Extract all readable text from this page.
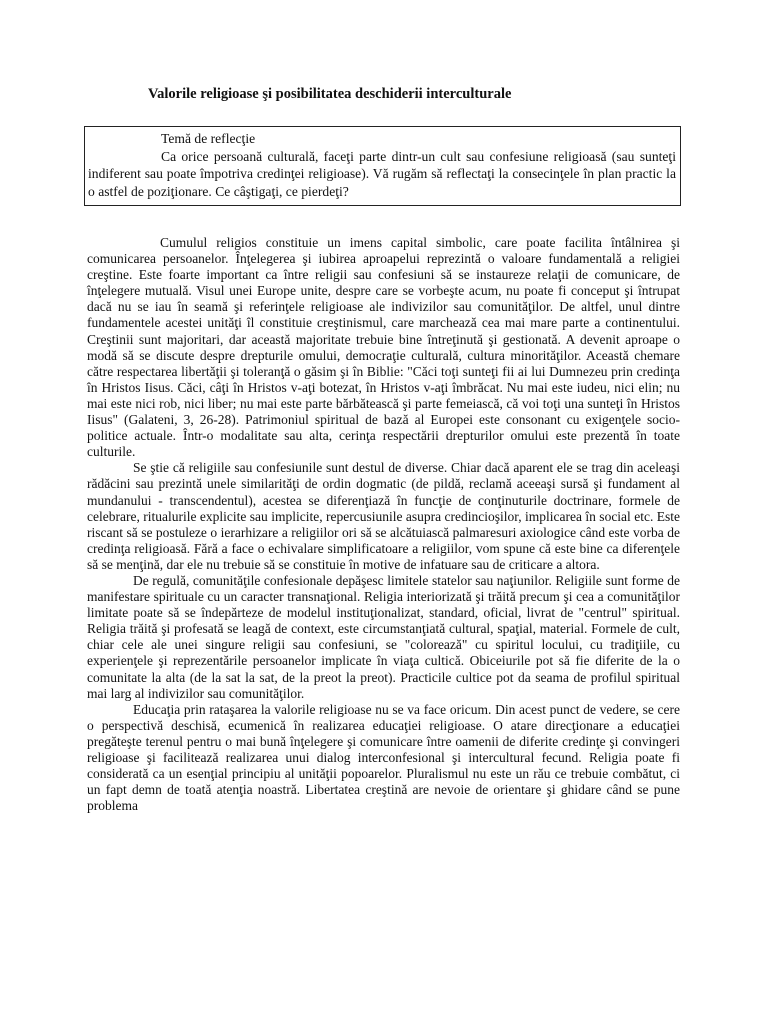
Valorile religioase şi posibilitatea deschiderii interculturale

Temă de reflecţie

Ca orice persoană culturală, faceţi parte dintr-un cult sau confesiune religioasă (sau sunteţi indiferent sau poate împotriva credinţei religioase). Vă rugăm să reflectaţi la consecinţele în plan practic la o astfel de poziţionare. Ce câştigaţi, ce pierdeţi?

Cumulul religios constituie un imens capital simbolic, care poate facilita întâlnirea şi comunicarea persoanelor. Înţelegerea şi iubirea aproapelui reprezintă o valoare fundamentală a religiei creştine. Este foarte important ca între religii sau confesiuni să se instaureze relaţii de comunicare, de înţelegere mutuală. Visul unei Europe unite, despre care se vorbeşte acum, nu poate fi conceput şi întrupat dacă nu se iau în seamă şi referinţele religioase ale indivizilor sau comunităţilor. De altfel, unul dintre fundamentele acestei unităţi îl constituie creştinismul, care marchează cea mai mare parte a continentului. Creştinii sunt majoritari, dar această majoritate trebuie bine întreţinută şi gestionată. A devenit aproape o modă să se discute despre drepturile omului, democraţie culturală, cultura minorităţilor. Această chemare către respectarea libertăţii şi toleranţă o găsim şi în Biblie: "Căci toţi sunteţi fii ai lui Dumnezeu prin credinţa în Hristos Iisus. Căci, câţi în Hristos v-aţi botezat, în Hristos v-aţi îmbrăcat. Nu mai este iudeu, nici elin; nu mai este nici rob, nici liber; nu mai este parte bărbătească şi parte femeiască, că voi toţi una sunteţi în Hristos Iisus" (Galateni, 3, 26-28). Patrimoniul spiritual de bază al Europei este consonant cu exigenţele socio-politice actuale. Într-o modalitate sau alta, cerinţa respectării drepturilor omului este prezentă în toate culturile.

Se ştie că religiile sau confesiunile sunt destul de diverse. Chiar dacă aparent ele se trag din aceleaşi rădăcini sau prezintă unele similarităţi de ordin dogmatic (de pildă, reclamă aceeaşi sursă şi fundament al mundanului - transcendentul), acestea se diferenţiază în funcţie de conţinuturile doctrinare, formele de celebrare, ritualurile explicite sau implicite, repercusiunile asupra credincioşilor, implicarea în social etc. Este riscant să se postuleze o ierarhizare a religiilor ori să se alcătuiască palmaresuri axiologice când este vorba de credinţa religioasă. Fără a face o echivalare simplificatoare a religiilor, vom spune că este bine ca diferenţele să se menţină, dar ele nu trebuie să se constituie în motive de infatuare sau de criticare a altora.

De regulă, comunităţile confesionale depăşesc limitele statelor sau naţiunilor. Religiile sunt forme de manifestare spirituale cu un caracter transnaţional. Religia interiorizată şi trăită precum şi cea a comunităţilor limitate poate să se îndepărteze de modelul instituţionalizat, standard, oficial, livrat de "centrul" spiritual. Religia trăită şi profesată se leagă de context, este circumstanţiată cultural, spaţial, material. Formele de cult, chiar cele ale unei singure religii sau confesiuni, se "colorează" cu spiritul locului, cu tradiţiile, cu experienţele şi reprezentările persoanelor implicate în viaţa cultică. Obiceiurile pot să fie diferite de la o comunitate la alta (de la sat la sat, de la preot la preot). Practicile cultice pot da seama de profilul spiritual mai larg al indivizilor sau comunităţilor.

Educaţia prin rataşarea la valorile religioase nu se va face oricum. Din acest punct de vedere, se cere o perspectivă deschisă, ecumenică în realizarea educaţiei religioase. O atare direcţionare a educaţiei pregăteşte terenul pentru o mai bună înţelegere şi comunicare între oamenii de diferite credinţe şi convingeri religioase şi facilitează realizarea unui dialog interconfesional şi intercultural fecund. Religia poate fi considerată ca un esenţial principiu al unităţii popoarelor. Pluralismul nu este un rău ce trebuie combătut, ci un fapt demn de toată atenţia noastră. Libertatea creştină are nevoie de orientare şi ghidare când se pune problema
